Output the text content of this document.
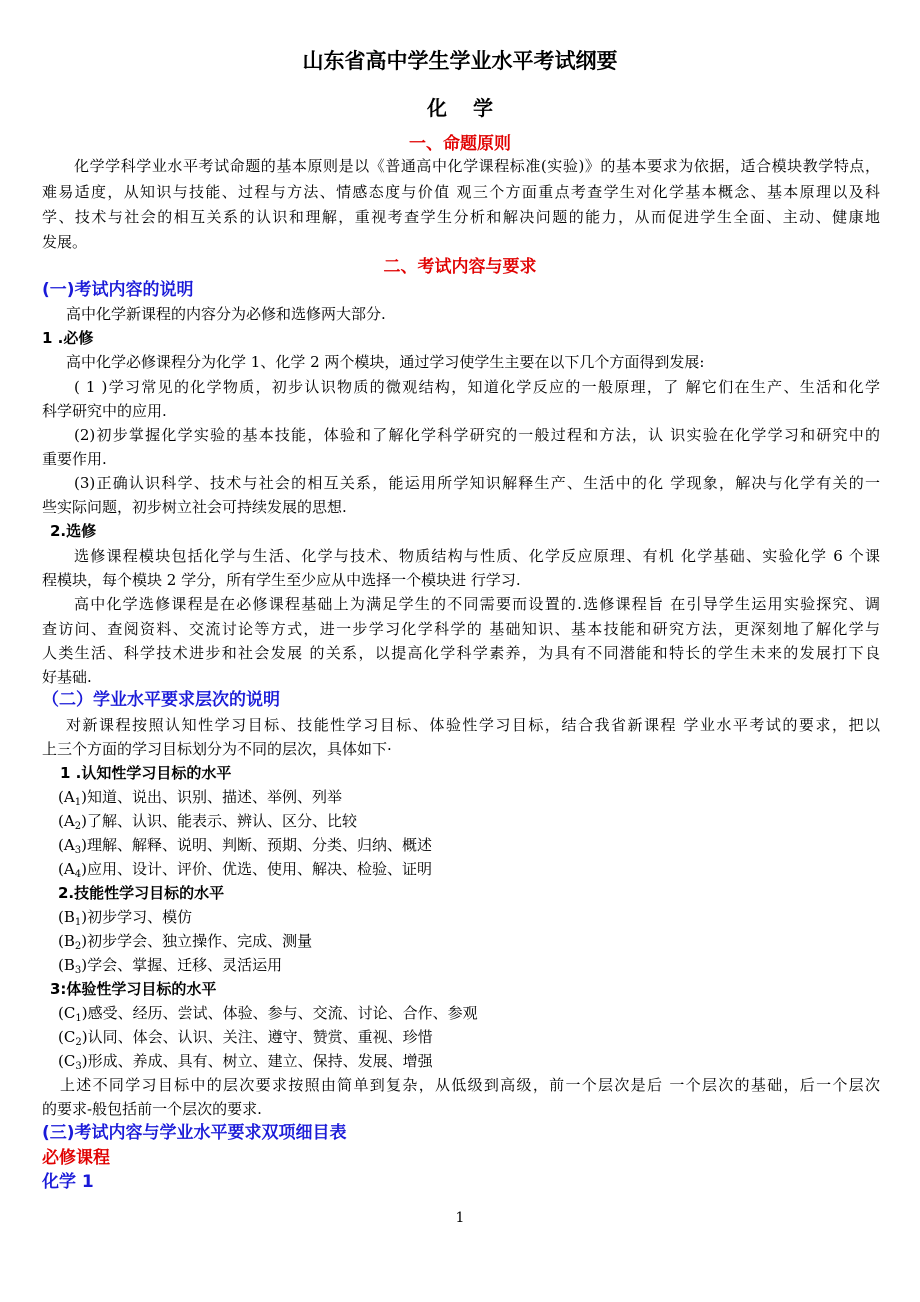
山东省高中学生学业水平考试纲要
化学
一、命题原则
化学学科学业水平考试命题的基本原则是以《普通高中化学课程标准(实验)》的基本要求为依据，适合模块教学特点，
难易适度，从知识与技能、过程与方法、情感态度与价值 观三个方面重点考查学生对化学基本概念、基本原理以及科
学、技术与社会的相互关系的认识和理解，重视考查学生分析和解决问题的能力，从而促进学生全面、主动、健康地
发展。
二、考试内容与要求
(一)考试内容的说明
高中化学新课程的内容分为必修和选修两大部分.
1 .必修
高中化学必修课程分为化学 1、化学 2 两个模块，通过学习使学生主要在以下几个方面得到发展:
( 1 )学习常见的化学物质，初步认识物质的微观结构，知道化学反应的一般原理，了 解它们在生产、生活和化学
科学研究中的应用.
(2)初步掌握化学实验的基本技能，体验和了解化学科学研究的一般过程和方法，认 识实验在化学学习和研究中的
重要作用.
(3)正确认识科学、技术与社会的相互关系，能运用所学知识解释生产、生活中的化 学现象，解决与化学有关的一
些实际问题，初步树立社会可持续发展的思想.
2.选修
选修课程模块包括化学与生活、化学与技术、物质结构与性质、化学反应原理、有机 化学基础、实验化学 6 个课
程模块，每个模块 2 学分，所有学生至少应从中选择一个模块进 行学习.
高中化学选修课程是在必修课程基础上为满足学生的不同需要而设置的.选修课程旨 在引导学生运用实验探究、调
查访问、查阅资料、交流讨论等方式，进一步学习化学科学的 基础知识、基本技能和研究方法，更深刻地了解化学与
人类生活、科学技术进步和社会发展 的关系，以提高化学科学素养，为具有不同潜能和特长的学生未来的发展打下良
好基础.
（二）学业水平要求层次的说明
对新课程按照认知性学习目标、技能性学习目标、体验性学习目标，结合我省新课程 学业水平考试的要求，把以
上三个方面的学习目标划分为不同的层次，具体如下·
1 .认知性学习目标的水平
$(A_1)$知道、说出、识别、描述、举例、列举
$(A_2)$了解、认识、能表示、辨认、区分、比较
$(A_3)$理解、解释、说明、判断、预期、分类、归纳、概述
$(A_4)$应用、设计、评价、优选、使用、解决、检验、证明
2.技能性学习目标的水平
$(B_1)$初步学习、模仿
$(B_2)$初步学会、独立操作、完成、测量
$(B_3)$学会、掌握、迁移、灵活运用
3:体验性学习目标的水平
$(C_1)$感受、经历、尝试、体验、参与、交流、讨论、合作、参观
$(C_2)$认同、体会、认识、关注、遵守、赞赏、重视、珍惜
$(C_3)$形成、养成、具有、树立、建立、保持、发展、增强
上述不同学习目标中的层次要求按照由简单到复杂，从低级到高级，前一个层次是后 一个层次的基础，后一个层次
的要求-般包括前一个层次的要求.
(三)考试内容与学业水平要求双项细目表
必修课程
化学 1
1
